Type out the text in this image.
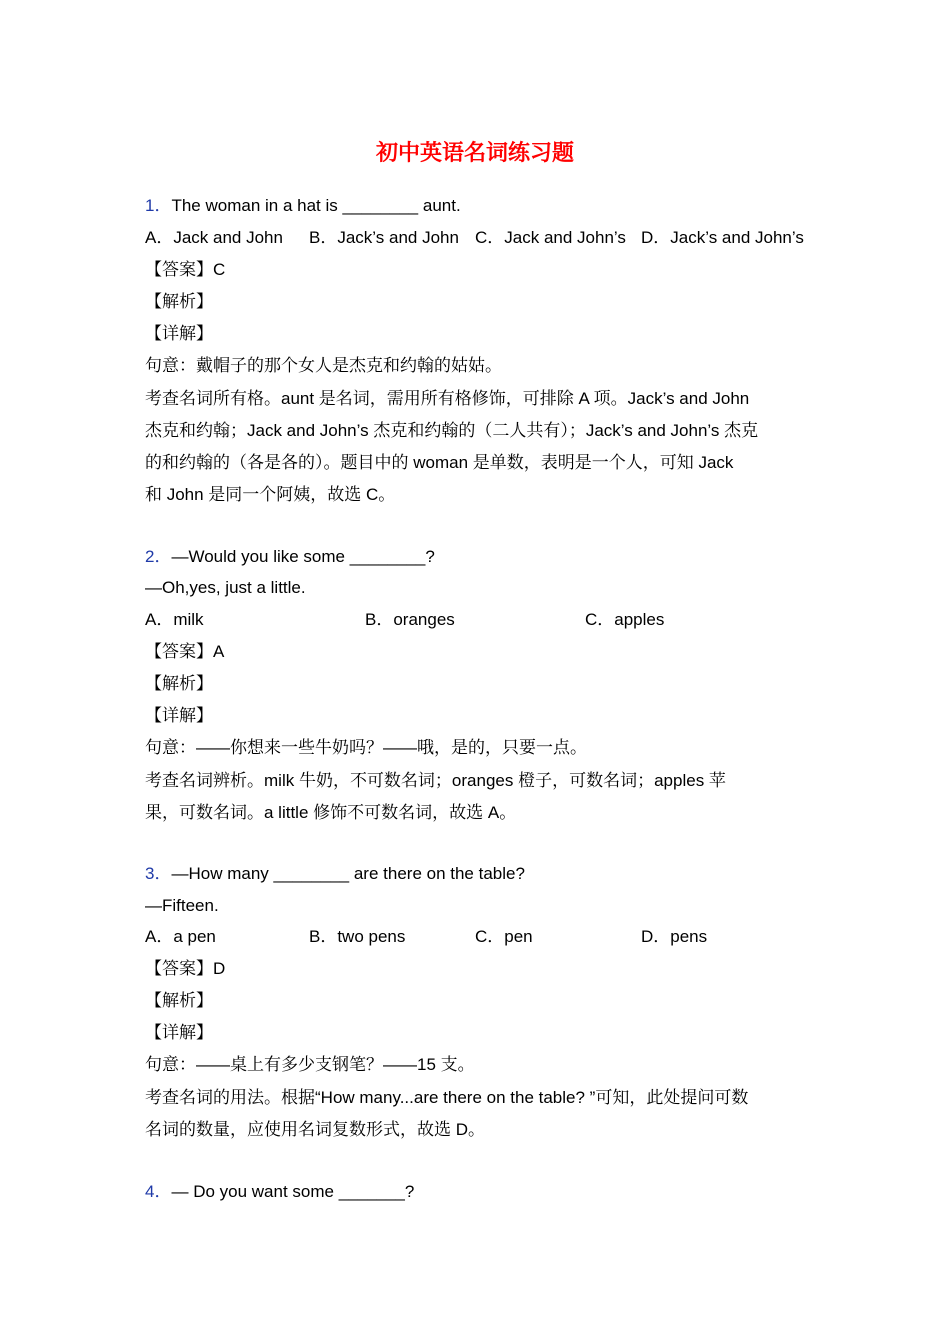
初中英语名词练习题
1．The woman in a hat is ________ aunt.
A．Jack and John B．Jack’s and John C．Jack and John’s D．Jack’s and John’s
【答案】C
【解析】
【详解】
句意：戴帽子的那个女人是杰克和约翰的姑姑。
考查名词所有格。aunt 是名词，需用所有格修饰，可排除 A 项。Jack’s and John
杰克和约翰；Jack and John’s 杰克和约翰的（二人共有）；Jack’s and John’s 杰克
的和约翰的（各是各的）。题目中的 woman 是单数，表明是一个人，可知 Jack
和 John 是同一个阿姨，故选 C。
2．—Would you like some ________?
—Oh,yes, just a little.
A．milk	B．oranges	C．apples
【答案】A
【解析】
【详解】
句意：——你想来一些牛奶吗？——哦，是的，只要一点。
考查名词辨析。milk 牛奶，不可数名词；oranges 橙子，可数名词；apples 苹
果，可数名词。a little 修饰不可数名词，故选 A。
3．—How many ________ are there on the table?
—Fifteen.
A．a pen	B．two pens	C．pen	D．pens
【答案】D
【解析】
【详解】
句意：——桌上有多少支钢笔？——15 支。
考查名词的用法。根据“How many...are there on the table? ”可知，此处提问可数
名词的数量，应使用名词复数形式，故选 D。
4．— Do you want some _______?
